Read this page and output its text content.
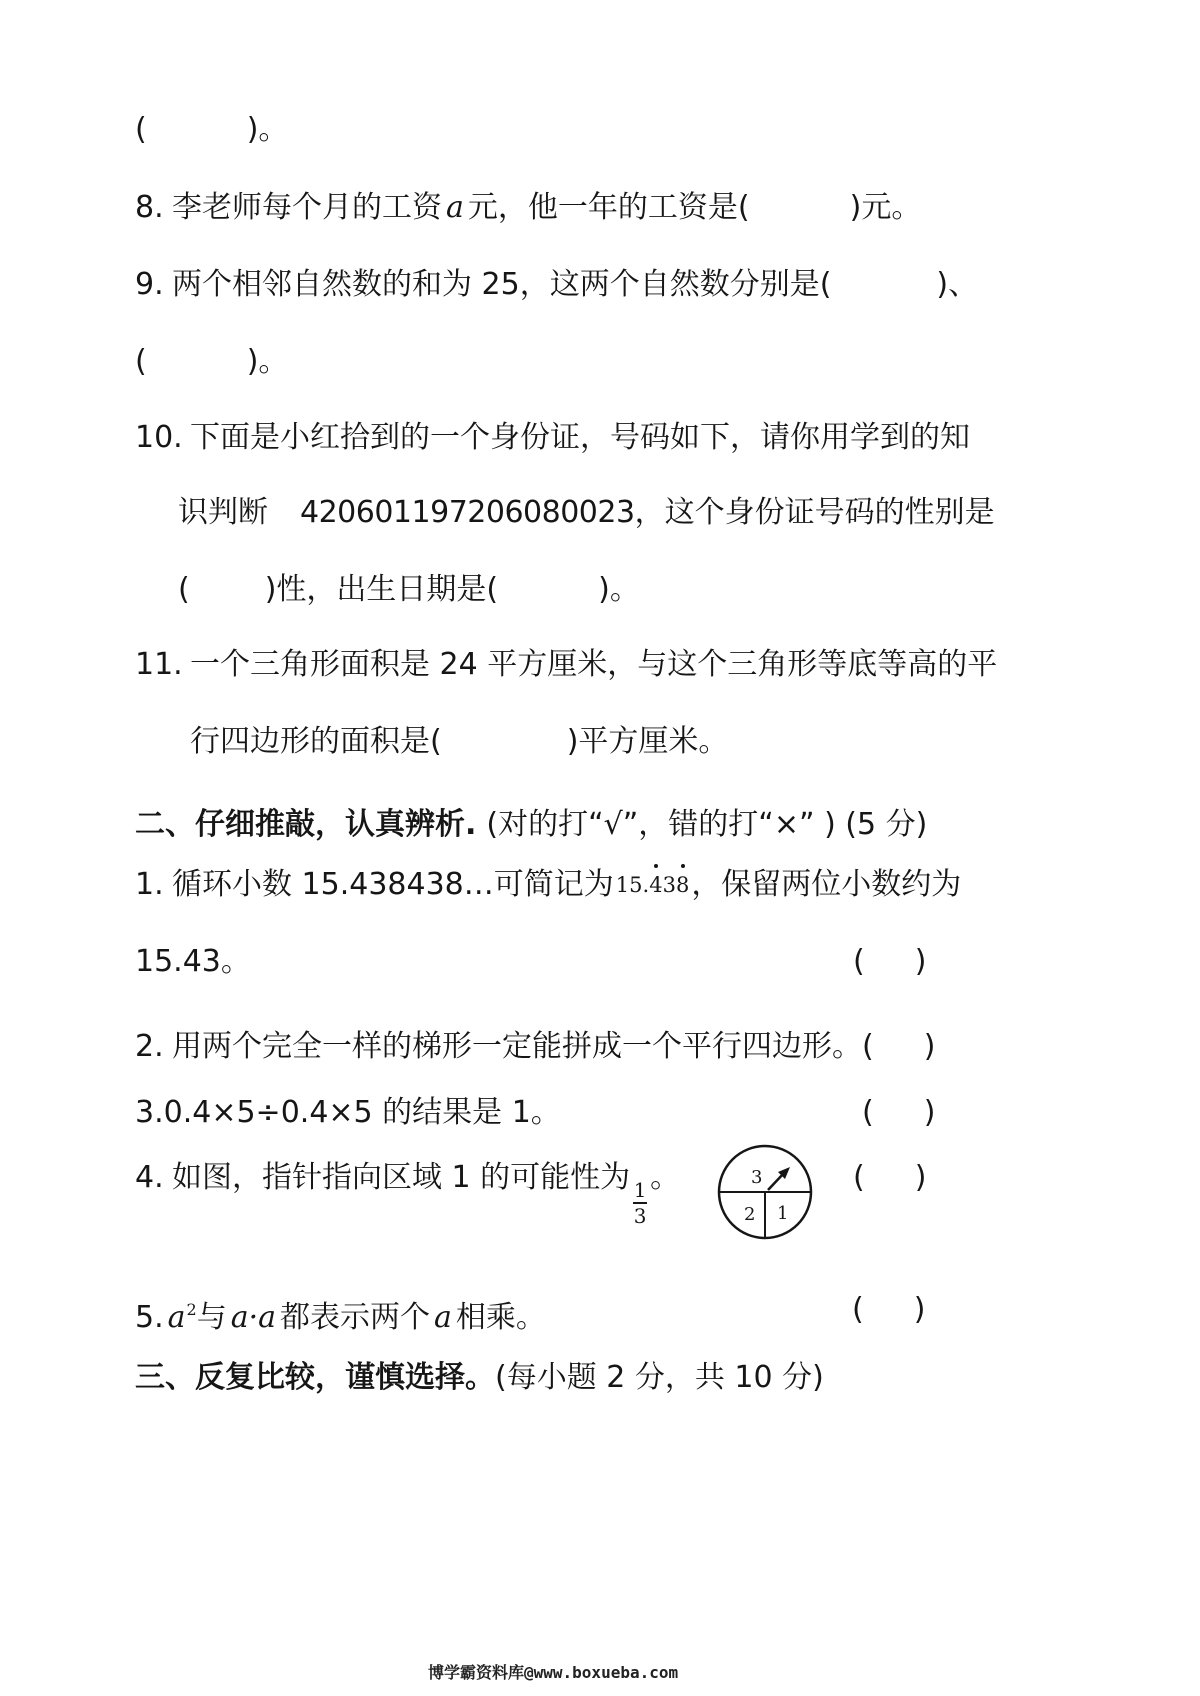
(	)。
8. 李老师每个月的工资 a 元，他一年的工资是(	)元。
9. 两个相邻自然数的和为 25，这两个自然数分别是(	)、
(	)。
10. 下面是小红拾到的一个身份证，号码如下，请你用学到的知
识判断 420601197206080023，这个身份证号码的性别是
(	)性，出生日期是(	)。
11. 一个三角形面积是 24 平方厘米，与这个三角形等底等高的平
行四边形的面积是(	)平方厘米。
二、仔细推敲，认真辨析. (对的打“√”，错的打“×” ) (5 分)
1. 循环小数 15.438438…可简记为15.438，保留两位小数约为
15.43。	( )
2. 用两个完全一样的梯形一定能拼成一个平行四边形。 ( )
3.0.4×5÷0.4×5 的结果是 1。	( )
4. 如图，指针指向区域 1 的可能性为
$\frac{1}{3}$
。	3
2 1
( )
5. $a^2$与 a·a 都表示两个 a 相乘。	( )
三、反复比较，谨慎选择。(每小题 2 分，共 10 分)
博学霸资料库@www.boxueba.com
